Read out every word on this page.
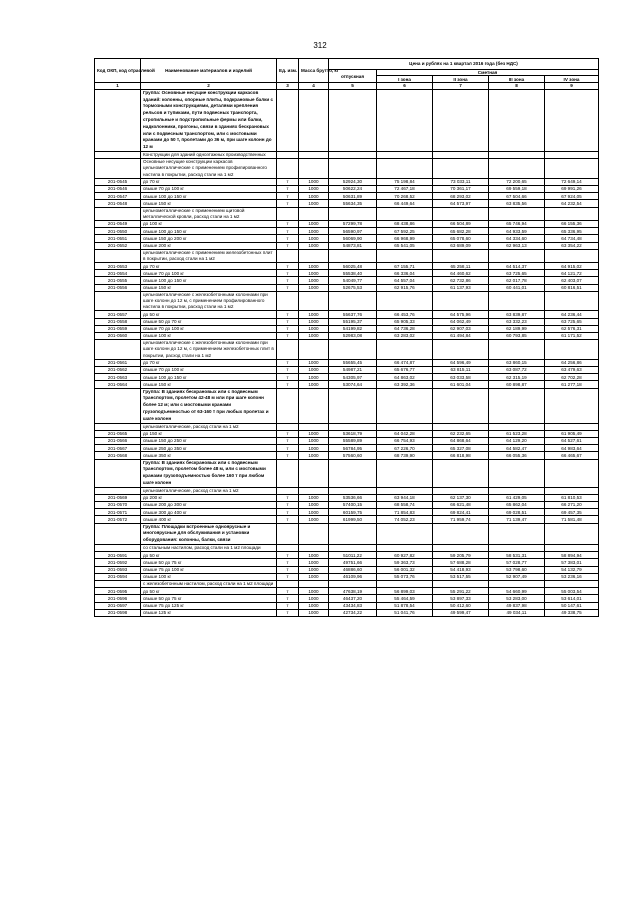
312
Код ОКП, код отраслевой	Наименование материалов и изделий	Ед. изм.	Масса брутто, кг	Цена и рублях на 1 квартал 2016 года (без НДС)				
				отпускная	Сметная			
					I зона	II зона	III зона	IV зона
1	2	3	4	5	6	7	8	9
	Группа: Основные несущие конструкции каркасов зданий: колонны, опорные плиты, подкрановые балки с тормозными конструкциями, деталями крепления рельсов и тупиками, пути подвесных транспорта, стропильные и подстропильные фермы или балки, надколонники, прогоны, связи в зданиях бескрановых или с подвесным транспортом, или с мостовыми кранами до 50 т, пролетами до 36 м, при шаге колонн до 12 м							
	Конструкции для зданий одноэтажных производственных							
	Основные несущие конструкции каркасов цельнометаллические с применением профилированного настила в покрытии, расход стали на 1 м2							
201-0545	до 70 кг	т	1000	52924,30	75 198,84	73 033,11	72 200,65	72 649,14
201-0546	свыше 70 до 100 кг	т	1000	50622,24	72 467,18	70 361,17	69 559,18	69 991,26
201-0547	свыше 100 до 150 кг	т	1000	50631,89	70 268,52	68 293,02	67 504,66	67 924,05
201-0548	свыше 150 кг	т	1000	55634,35	66 449,64	64 573,97	63 835,56	64 232,54
	цельнометаллические с применением щитовой металлической кровли, расход стали на 1 м2							
201-0549	до 100 кг	т	1000	57299,78	68 438,86	66 504,89	65 746,94	66 155,36
201-0550	свыше 100 до 150 кг	т	1000	56590,97	67 592,25	65 682,28	64 933,59	65 336,95
201-0551	свыше 150 до 200 кг	т	1000	56069,90	66 968,99	65 078,60	64 334,60	64 734,48
201-0552	свыше 200 кг	т	1000	54873,81	65 541,05	63 689,09	62 963,13	63 354,22
	цельнометаллические с применением железобетонных плит в покрытии, расход стали на 1 м2							
201-0553	до 70 кг	т	1000	56025,48	67 155,71	65 258,11	64 514,37	64 915,02
201-0554	свыше 70 до 100 кг	т	1000	55538,40	66 336,04	64 460,62	63 725,65	64 121,72
201-0555	свыше 100 до 150 кг	т	1000	54049,77	64 557,04	62 732,86	62 017,78	62 403,07
201-0556	свыше 150 кг	т	1000	52675,53	62 915,76	61 137,93	60 441,01	60 816,51
	цельнометаллические с железобетонными колоннами при шаге колонн до 12 м, с применением профилированного настила в покрытии, расход стали на 1 м2							
201-0557	до 50 кг	т	1000	55637,76	66 453,76	64 575,96	63 839,87	64 236,44
201-0558	свыше 50 до 70 кг	т	1000	55195,37	65 905,33	64 062,49	63 332,23	63 725,65
201-0559	свыше 70 до 100 кг	т	1000	54199,82	64 736,28	62 907,03	62 189,99	62 576,31
201-0560	свыше 100 кг	т	1000	52983,08	63 283,02	61 494,84	60 793,85	61 171,52
	цельнометаллические с железобетонными колоннами при шаге колонн до 12 м, с применением железобетонных плит в покрытии, расход стали на 1 м2							
201-0561	до 70 кг	т	1000	55655,45	66 474,87	64 596,49	63 860,15	64 256,86
201-0562	свыше 70 до 100 кг	т	1000	54987,21	65 676,77	63 815,11	63 087,72	63 479,63
201-0563	свыше 100 до 150 кг	т	1000	54305,97	64 863,02	63 033,58	62 315,19	62 702,28
201-0564	свыше 150 кг	т	1000	53074,64	63 392,36	61 601,04	60 898,87	61 277,18
	Группа: В зданиях бескрановых или с подвесным транспортом, пролетом 42-48 м или при шаге колонн более 12 м; или с мостовыми кранами грузоподъемностью от 63-160 т при любых пролетах и шаге колонн							
	цельнометаллические, расход стали на 1 м2							
201-0565	до 150 кг	т	1000	53618,79	64 042,28	62 232,65	61 523,28	61 905,49
201-0566	свыше 150 до 250 кг	т	1000	55589,89	66 754,93	64 868,64	64 129,20	64 527,61
201-0567	свыше 250 до 350 кг	т	1000	56784,95	67 226,70	65 327,08	64 582,47	64 983,64
201-0568	свыше 350 кг	т	1000	57560,60	68 739,90	66 818,98	66 055,36	66 465,67
	Группа: В зданиях бескрановых или с подвесным транспортом, пролетом более 48 м, или с мостовыми кранами грузоподъемностью более 160 т при любом шаге колонн							
	цельнометаллические, расход стали на 1 м2							
201-0569	до 200 кг	т	1000	53536,66	63 944,18	62 137,30	61 429,05	61 810,53
201-0570	свыше 200 до 300 кг	т	1000	57400,15	68 558,74	66 621,48	65 862,04	66 271,20
201-0571	свыше 300 до 400 кг	т	1000	60159,75	71 854,83	69 824,41	69 028,51	69 457,35
201-0572	свыше 400 кг	т	1000	61999,50	74 052,23	71 959,74	71 139,47	71 581,48
	Группа: Площадки встроенные одноярусные и многоярусные для обслуживания и установки оборудования: колонны, балки, связи							
	со стальным настилом, расход стали на 1 м2 площади							
201-0591	до 50 кг	т	1000	51011,22	60 927,82	59 205,79	58 531,31	58 894,94
201-0592	свыше 50 до 75 кг	т	1000	49751,66	59 363,73	57 688,28	57 028,77	57 383,01
201-0593	свыше 75 до 100 кг	т	1000	46886,60	56 001,32	54 418,93	53 798,60	54 132,79
201-0594	свыше 100 кг	т	1000	46109,96	55 073,76	53 517,55	52 907,49	53 236,16
	с железобетонным настилом, расход стали на 1 м2 площади							
201-0595	до 50 кг	т	1000	47638,19	56 899,03	55 291,22	54 660,99	55 003,54
201-0596	свыше 50 до 75 кг	т	1000	46437,20	55 464,59	53 897,33	53 283,00	53 614,01
201-0597	свыше 75 до 125 кг	т	1000	43434,83	51 878,54	50 412,60	49 837,98	50 147,61
201-0598	свыше 125 кг	т	1000	42734,22	51 041,76	49 599,47	49 034,11	49 338,75
